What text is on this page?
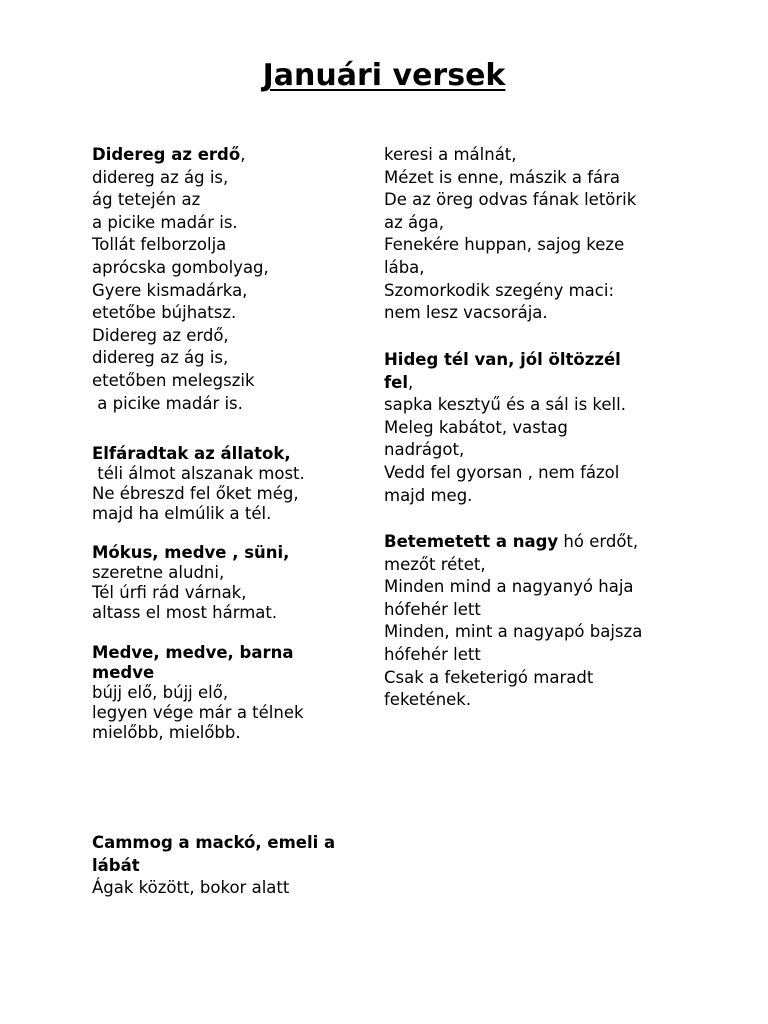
Januári versek
Didereg az erdő,
didereg az ág is,
ág tetején az
a picike madár is.
Tollát felborzolja
aprócska gombolyag,
Gyere kismadárka,
etetőbe bújhatsz.
Didereg az erdő,
didereg az ág is,
etetőben melegszik
a picike madár is.
Elfáradtak az állatok,
téli álmot alszanak most.
Ne ébreszd fel őket még,
majd ha elmúlik a tél.
Mókus, medve , süni,
szeretne aludni,
Tél úrfi rád várnak,
altass el most hármat.
Medve, medve, barna
medve
bújj elő, bújj elő,
legyen vége már a télnek
mielőbb, mielőbb.
Cammog a mackó, emeli a
lábát
Ágak között, bokor alatt
keresi a málnát,
Mézet is enne, mászik a fára
De az öreg odvas fának letörik
az ága,
Fenekére huppan, sajog keze
lába,
Szomorkodik szegény maci:
nem lesz vacsorája.
Hideg tél van, jól öltözzél
fel,
sapka kesztyű és a sál is kell.
Meleg kabátot, vastag
nadrágot,
Vedd fel gyorsan , nem fázol
majd meg.
Betemetett a nagy hó erdőt,
mezőt rétet,
Minden mind a nagyanyó haja
hófehér lett
Minden, mint a nagyapó bajsza
hófehér lett
Csak a feketerigó maradt
feketének.
